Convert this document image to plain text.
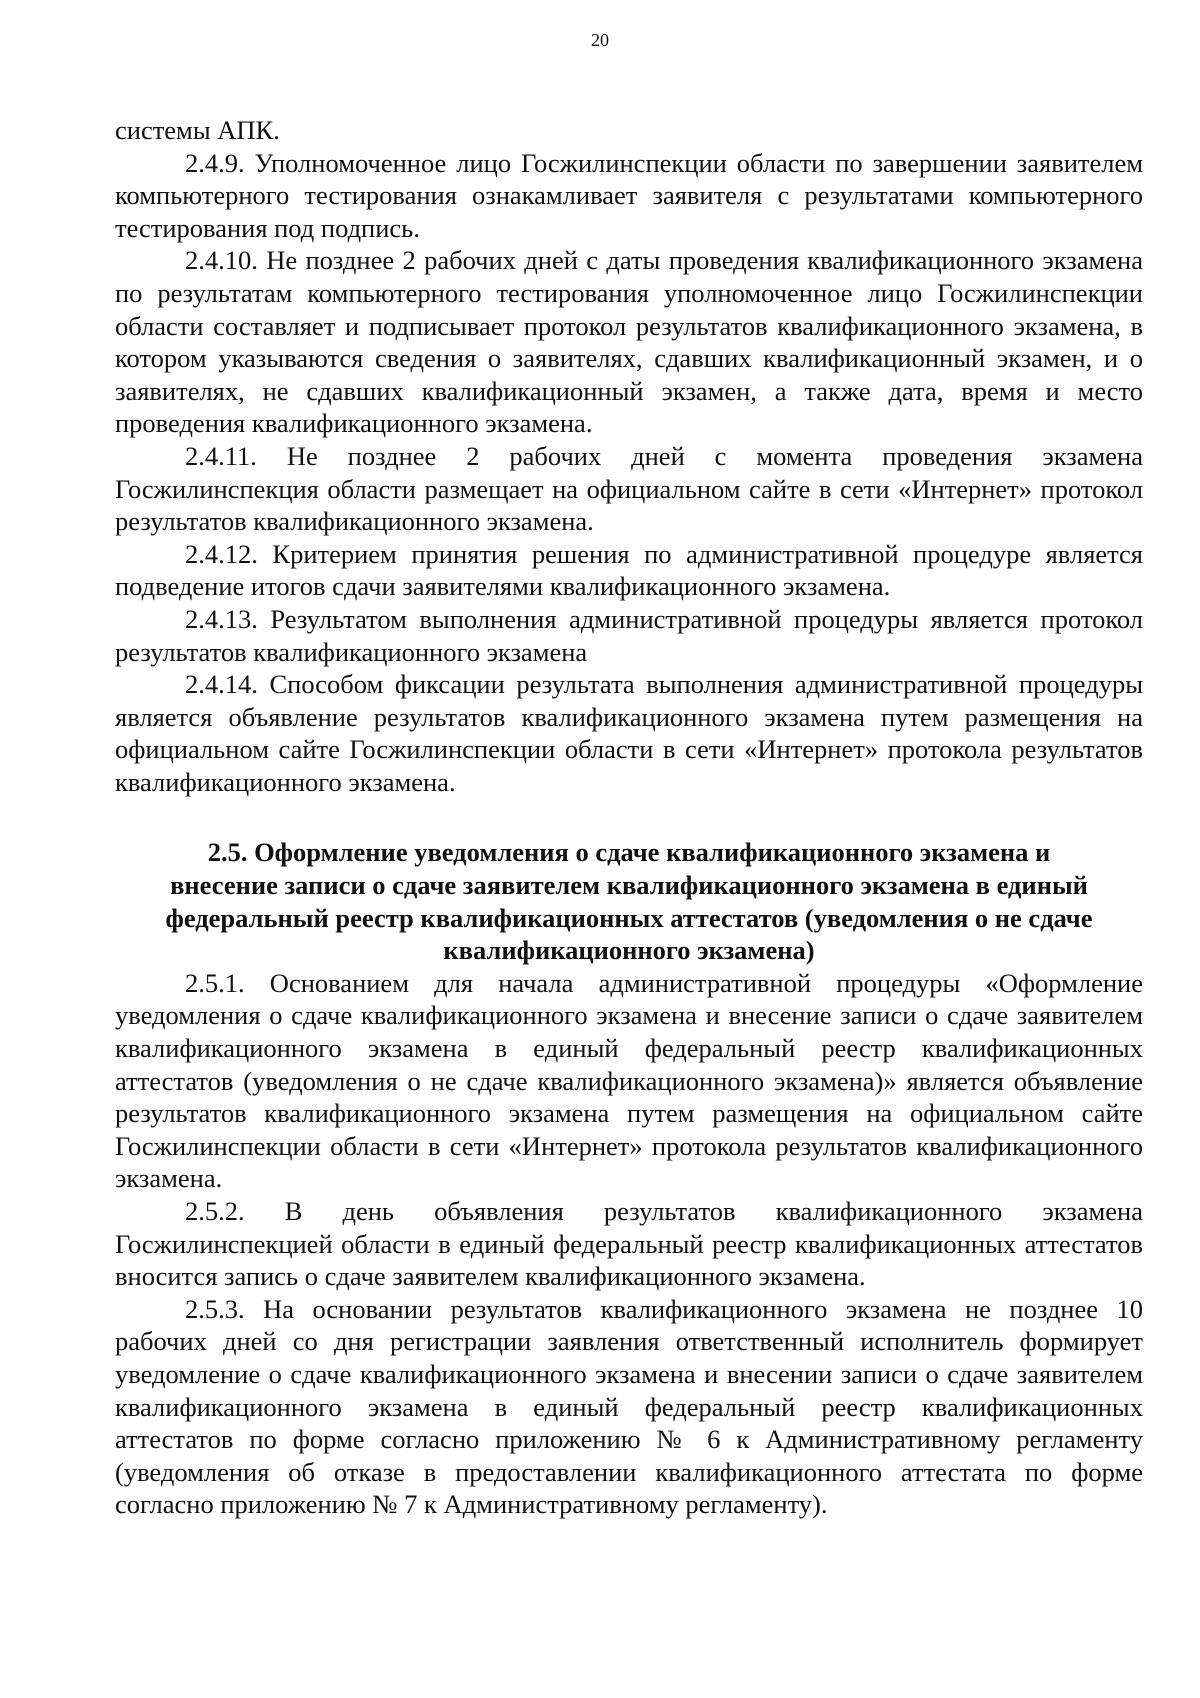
20

системы АПК.

2.4.9. Уполномоченное лицо Госжилинспекции области по завершении заявителем компьютерного тестирования ознакамливает заявителя с результатами компьютерного тестирования под подпись.

2.4.10. Не позднее 2 рабочих дней с даты проведения квалификационного экзамена по результатам компьютерного тестирования уполномоченное лицо Госжилинспекции области составляет и подписывает протокол результатов квалификационного экзамена, в котором указываются сведения о заявителях, сдавших квалификационный экзамен, и о заявителях, не сдавших квалификационный экзамен, а также дата, время и место проведения квалификационного экзамена.

2.4.11. Не позднее 2 рабочих дней с момента проведения экзамена Госжилинспекция области размещает на официальном сайте в сети «Интернет» протокол результатов квалификационного экзамена.

2.4.12. Критерием принятия решения по административной процедуре является подведение итогов сдачи заявителями квалификационного экзамена.

2.4.13. Результатом выполнения административной процедуры является протокол результатов квалификационного экзамена

2.4.14. Способом фиксации результата выполнения административной процедуры является объявление результатов квалификационного экзамена путем размещения на официальном сайте Госжилинспекции области в сети «Интернет» протокола результатов квалификационного экзамена.

2.5. Оформление уведомления о сдаче квалификационного экзамена и
внесение записи о сдаче заявителем квалификационного экзамена в единый
федеральный реестр квалификационных аттестатов (уведомления о не сдаче
квалификационного экзамена)

2.5.1. Основанием для начала административной процедуры «Оформление уведомления о сдаче квалификационного экзамена и внесение записи о сдаче заявителем квалификационного экзамена в единый федеральный реестр квалификационных аттестатов (уведомления о не сдаче квалификационного экзамена)» является объявление результатов квалификационного экзамена путем размещения на официальном сайте Госжилинспекции области в сети «Интернет» протокола результатов квалификационного экзамена.

2.5.2. В день объявления результатов квалификационного экзамена Госжилинспекцией области в единый федеральный реестр квалификационных аттестатов вносится запись о сдаче заявителем квалификационного экзамена.

2.5.3. На основании результатов квалификационного экзамена не позднее 10 рабочих дней со дня регистрации заявления ответственный исполнитель формирует уведомление о сдаче квалификационного экзамена и внесении записи о сдаче заявителем квалификационного экзамена в единый федеральный реестр квалификационных аттестатов по форме согласно приложению № 6 к Административному регламенту (уведомления об отказе в предоставлении квалификационного аттестата по форме согласно приложению № 7 к Административному регламенту).
